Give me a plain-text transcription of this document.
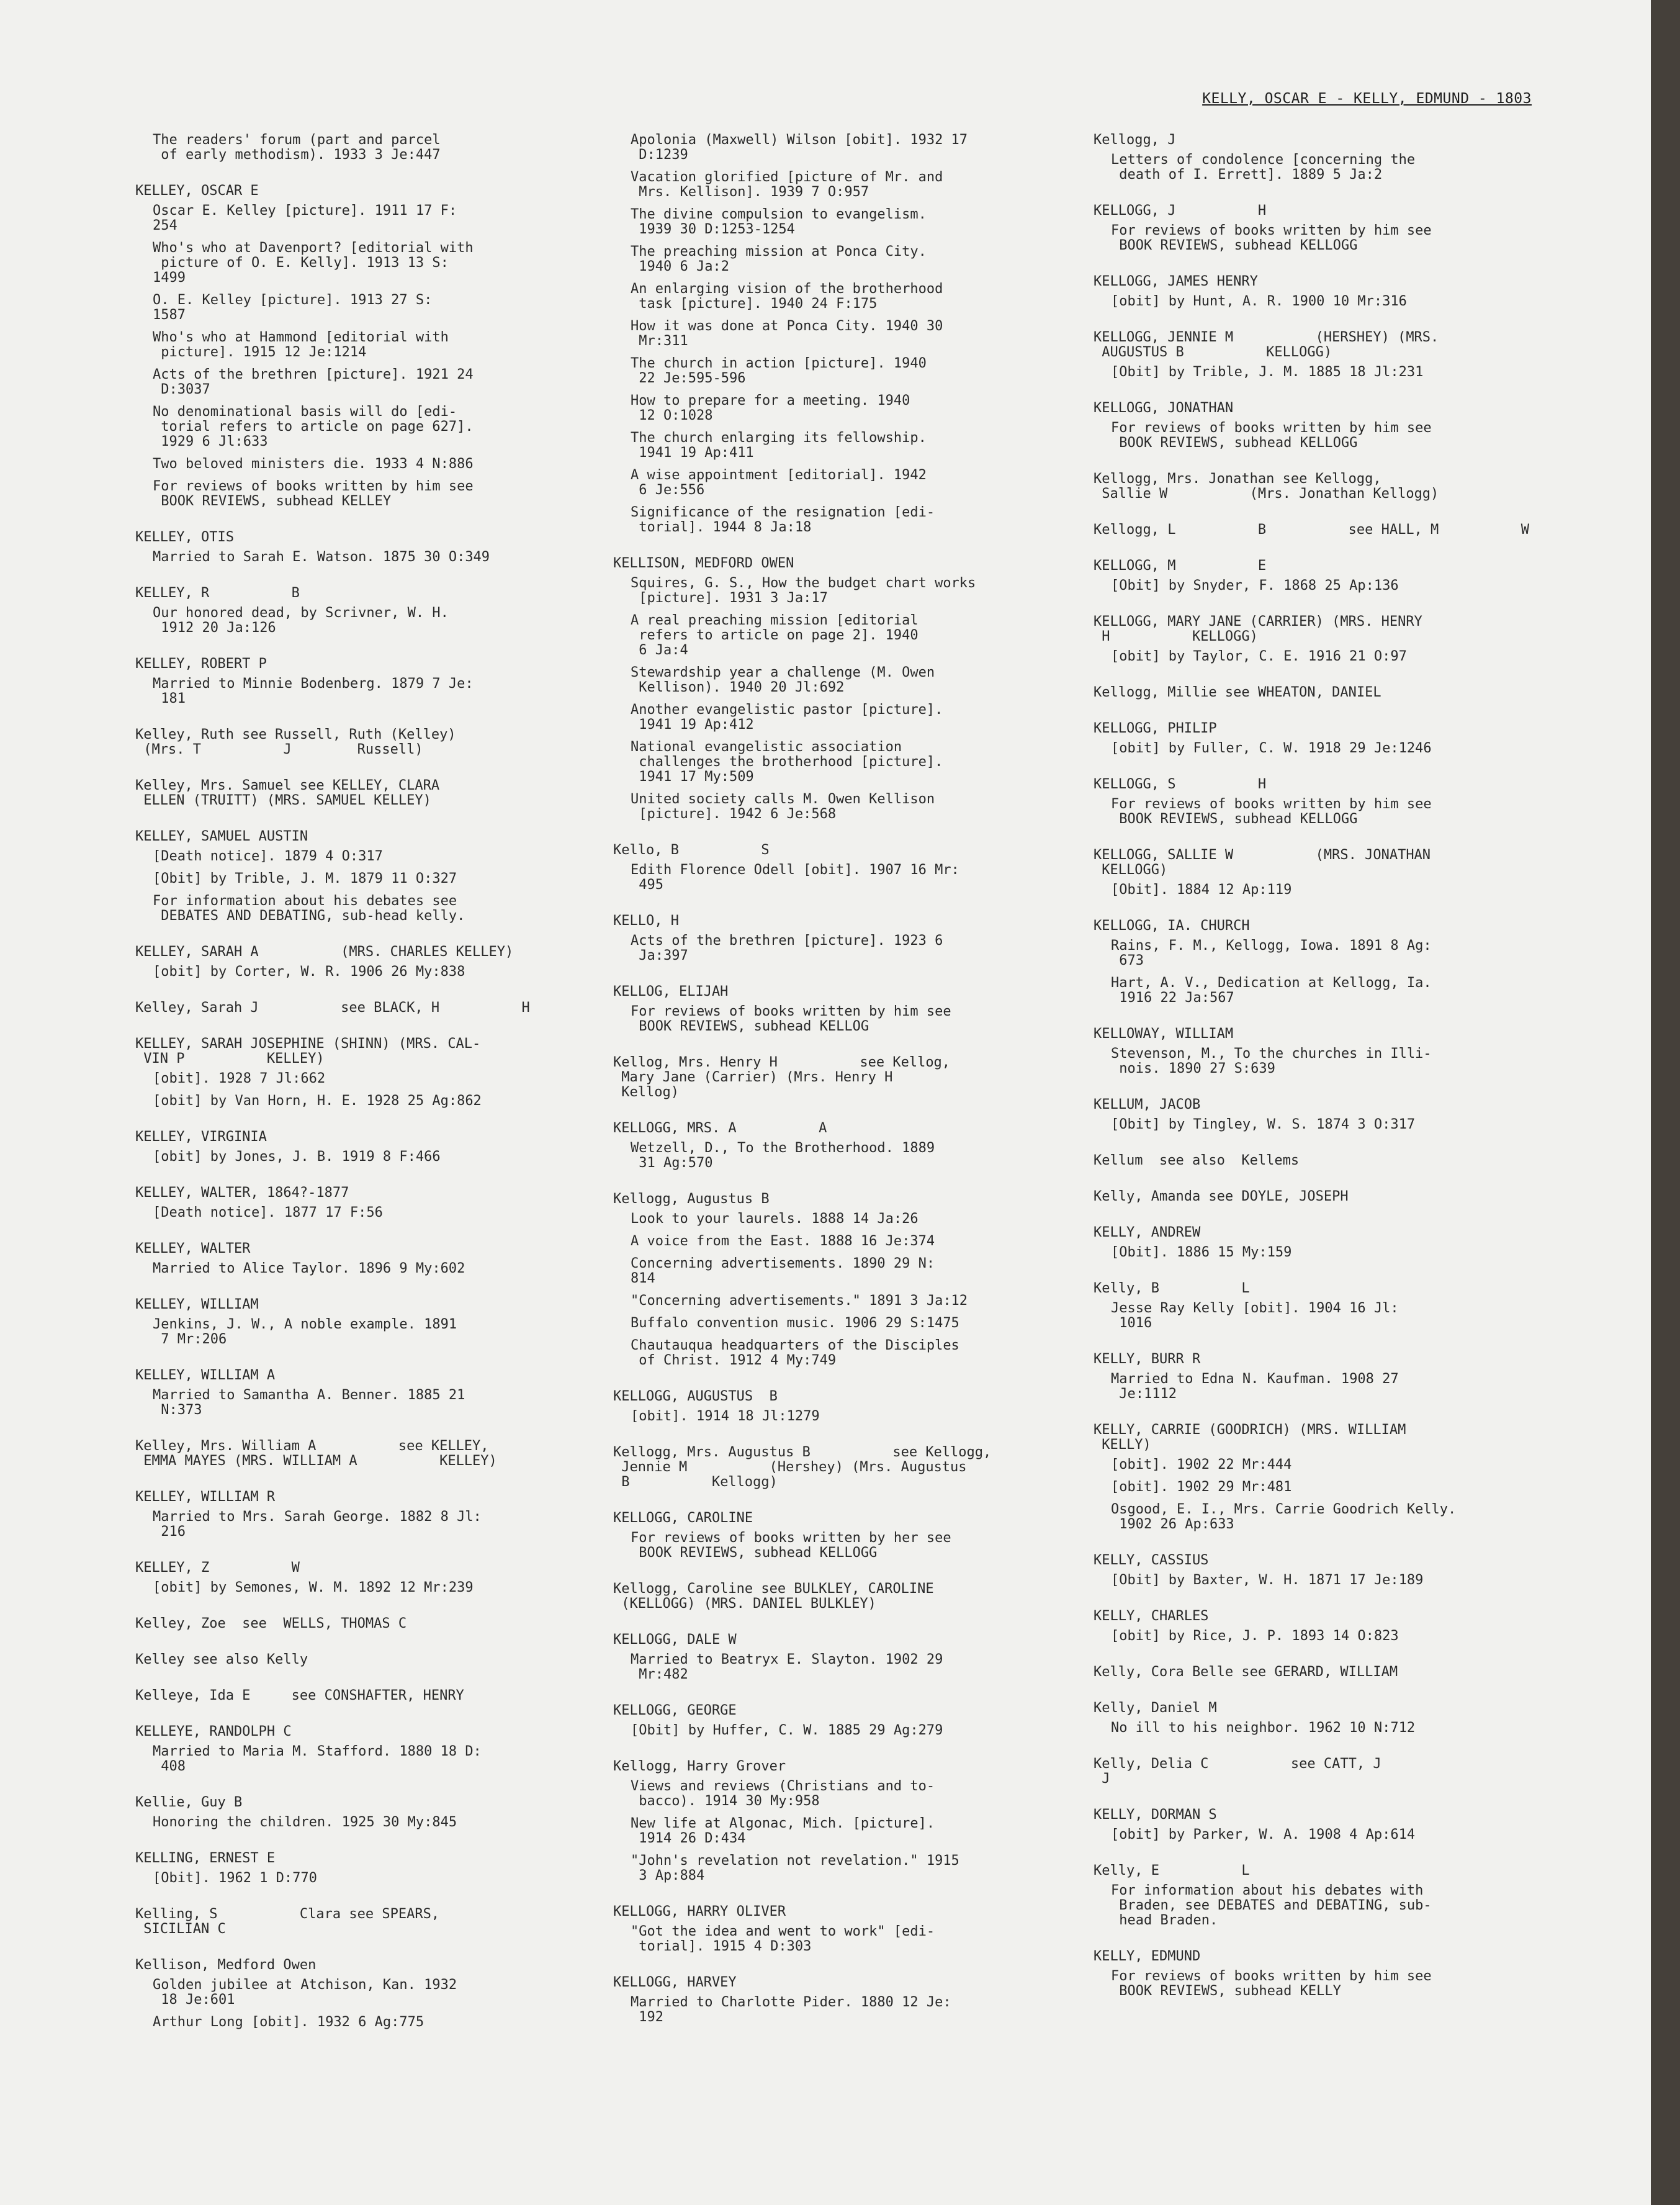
KELLY, OSCAR E - KELLY, EDMUND - 1803
The readers' forum (part and parcel
of early methodism). 1933 3 Je:447
KELLEY, OSCAR E
Oscar E. Kelley [picture]. 1911 17 F:
254
Who's who at Davenport? [editorial with
picture of O. E. Kelly]. 1913 13 S:
1499
O. E. Kelley [picture]. 1913 27 S:
1587
Who's who at Hammond [editorial with
picture]. 1915 12 Je:1214
Acts of the brethren [picture]. 1921 24
D:3037
No denominational basis will do [edi-
torial refers to article on page 627].
1929 6 Jl:633
Two beloved ministers die. 1933 4 N:886
For reviews of books written by him see
BOOK REVIEWS, subhead KELLEY
KELLEY, OTIS
Married to Sarah E. Watson. 1875 30 O:349
KELLEY, R          B
Our honored dead, by Scrivner, W. H.
1912 20 Ja:126
KELLEY, ROBERT P
Married to Minnie Bodenberg. 1879 7 Je:
181
Kelley, Ruth see Russell, Ruth (Kelley)
(Mrs. T          J        Russell)
Kelley, Mrs. Samuel see KELLEY, CLARA
ELLEN (TRUITT) (MRS. SAMUEL KELLEY)
KELLEY, SAMUEL AUSTIN
[Death notice]. 1879 4 O:317
[Obit] by Trible, J. M. 1879 11 O:327
For information about his debates see
DEBATES AND DEBATING, sub-head kelly.
KELLEY, SARAH A          (MRS. CHARLES KELLEY)
[obit] by Corter, W. R. 1906 26 My:838
Kelley, Sarah J          see BLACK, H          H
KELLEY, SARAH JOSEPHINE (SHINN) (MRS. CAL-
VIN P          KELLEY)
[obit]. 1928 7 Jl:662
[obit] by Van Horn, H. E. 1928 25 Ag:862
KELLEY, VIRGINIA
[obit] by Jones, J. B. 1919 8 F:466
KELLEY, WALTER, 1864?-1877
[Death notice]. 1877 17 F:56
KELLEY, WALTER
Married to Alice Taylor. 1896 9 My:602
KELLEY, WILLIAM
Jenkins, J. W., A noble example. 1891
7 Mr:206
KELLEY, WILLIAM A
Married to Samantha A. Benner. 1885 21
N:373
Kelley, Mrs. William A          see KELLEY,
EMMA MAYES (MRS. WILLIAM A          KELLEY)
KELLEY, WILLIAM R
Married to Mrs. Sarah George. 1882 8 Jl:
216
KELLEY, Z          W
[obit] by Semones, W. M. 1892 12 Mr:239
Kelley, Zoe  see  WELLS, THOMAS C
Kelley see also Kelly
Kelleye, Ida E     see CONSHAFTER, HENRY
KELLEYE, RANDOLPH C
Married to Maria M. Stafford. 1880 18 D:
408
Kellie, Guy B
Honoring the children. 1925 30 My:845
KELLING, ERNEST E
[Obit]. 1962 1 D:770
Kelling, S          Clara see SPEARS,
SICILIAN C
Kellison, Medford Owen
Golden jubilee at Atchison, Kan. 1932
18 Je:601
Arthur Long [obit]. 1932 6 Ag:775
Apolonia (Maxwell) Wilson [obit]. 1932 17
D:1239
Vacation glorified [picture of Mr. and
Mrs. Kellison]. 1939 7 O:957
The divine compulsion to evangelism.
1939 30 D:1253-1254
The preaching mission at Ponca City.
1940 6 Ja:2
An enlarging vision of the brotherhood
task [picture]. 1940 24 F:175
How it was done at Ponca City. 1940 30
Mr:311
The church in action [picture]. 1940
22 Je:595-596
How to prepare for a meeting. 1940
12 O:1028
The church enlarging its fellowship.
1941 19 Ap:411
A wise appointment [editorial]. 1942
6 Je:556
Significance of the resignation [edi-
torial]. 1944 8 Ja:18
KELLISON, MEDFORD OWEN
Squires, G. S., How the budget chart works
[picture]. 1931 3 Ja:17
A real preaching mission [editorial
refers to article on page 2]. 1940
6 Ja:4
Stewardship year a challenge (M. Owen
Kellison). 1940 20 Jl:692
Another evangelistic pastor [picture].
1941 19 Ap:412
National evangelistic association
challenges the brotherhood [picture].
1941 17 My:509
United society calls M. Owen Kellison
[picture]. 1942 6 Je:568
Kello, B          S
Edith Florence Odell [obit]. 1907 16 Mr:
495
KELLO, H
Acts of the brethren [picture]. 1923 6
Ja:397
KELLOG, ELIJAH
For reviews of books written by him see
BOOK REVIEWS, subhead KELLOG
Kellog, Mrs. Henry H          see Kellog,
Mary Jane (Carrier) (Mrs. Henry H
Kellog)
KELLOGG, MRS. A          A
Wetzell, D., To the Brotherhood. 1889
31 Ag:570
Kellogg, Augustus B
Look to your laurels. 1888 14 Ja:26
A voice from the East. 1888 16 Je:374
Concerning advertisements. 1890 29 N:
814
"Concerning advertisements." 1891 3 Ja:12
Buffalo convention music. 1906 29 S:1475
Chautauqua headquarters of the Disciples
of Christ. 1912 4 My:749
KELLOGG, AUGUSTUS  B
[obit]. 1914 18 Jl:1279
Kellogg, Mrs. Augustus B          see Kellogg,
Jennie M          (Hershey) (Mrs. Augustus
B          Kellogg)
KELLOGG, CAROLINE
For reviews of books written by her see
BOOK REVIEWS, subhead KELLOGG
Kellogg, Caroline see BULKLEY, CAROLINE
(KELLOGG) (MRS. DANIEL BULKLEY)
KELLOGG, DALE W
Married to Beatryx E. Slayton. 1902 29
Mr:482
KELLOGG, GEORGE
[Obit] by Huffer, C. W. 1885 29 Ag:279
Kellogg, Harry Grover
Views and reviews (Christians and to-
bacco). 1914 30 My:958
New life at Algonac, Mich. [picture].
1914 26 D:434
"John's revelation not revelation." 1915
3 Ap:884
KELLOGG, HARRY OLIVER
"Got the idea and went to work" [edi-
torial]. 1915 4 D:303
KELLOGG, HARVEY
Married to Charlotte Pider. 1880 12 Je:
192
Kellogg, J
Letters of condolence [concerning the
death of I. Errett]. 1889 5 Ja:2
KELLOGG, J          H
For reviews of books written by him see
BOOK REVIEWS, subhead KELLOGG
KELLOGG, JAMES HENRY
[obit] by Hunt, A. R. 1900 10 Mr:316
KELLOGG, JENNIE M          (HERSHEY) (MRS.
AUGUSTUS B          KELLOGG)
[Obit] by Trible, J. M. 1885 18 Jl:231
KELLOGG, JONATHAN
For reviews of books written by him see
BOOK REVIEWS, subhead KELLOGG
Kellogg, Mrs. Jonathan see Kellogg,
Sallie W          (Mrs. Jonathan Kellogg)
Kellogg, L          B          see HALL, M          W
KELLOGG, M          E
[Obit] by Snyder, F. 1868 25 Ap:136
KELLOGG, MARY JANE (CARRIER) (MRS. HENRY
H          KELLOGG)
[obit] by Taylor, C. E. 1916 21 O:97
Kellogg, Millie see WHEATON, DANIEL
KELLOGG, PHILIP
[obit] by Fuller, C. W. 1918 29 Je:1246
KELLOGG, S          H
For reviews of books written by him see
BOOK REVIEWS, subhead KELLOGG
KELLOGG, SALLIE W          (MRS. JONATHAN
KELLOGG)
[Obit]. 1884 12 Ap:119
KELLOGG, IA. CHURCH
Rains, F. M., Kellogg, Iowa. 1891 8 Ag:
673
Hart, A. V., Dedication at Kellogg, Ia.
1916 22 Ja:567
KELLOWAY, WILLIAM
Stevenson, M., To the churches in Illi-
nois. 1890 27 S:639
KELLUM, JACOB
[Obit] by Tingley, W. S. 1874 3 O:317
Kellum  see also  Kellems
Kelly, Amanda see DOYLE, JOSEPH
KELLY, ANDREW
[Obit]. 1886 15 My:159
Kelly, B          L
Jesse Ray Kelly [obit]. 1904 16 Jl:
1016
KELLY, BURR R
Married to Edna N. Kaufman. 1908 27
Je:1112
KELLY, CARRIE (GOODRICH) (MRS. WILLIAM
KELLY)
[obit]. 1902 22 Mr:444
[obit]. 1902 29 Mr:481
Osgood, E. I., Mrs. Carrie Goodrich Kelly.
1902 26 Ap:633
KELLY, CASSIUS
[Obit] by Baxter, W. H. 1871 17 Je:189
KELLY, CHARLES
[obit] by Rice, J. P. 1893 14 O:823
Kelly, Cora Belle see GERARD, WILLIAM
Kelly, Daniel M
No ill to his neighbor. 1962 10 N:712
Kelly, Delia C          see CATT, J
J
KELLY, DORMAN S
[obit] by Parker, W. A. 1908 4 Ap:614
Kelly, E          L
For information about his debates with
Braden, see DEBATES and DEBATING, sub-
head Braden.
KELLY, EDMUND
For reviews of books written by him see
BOOK REVIEWS, subhead KELLY
